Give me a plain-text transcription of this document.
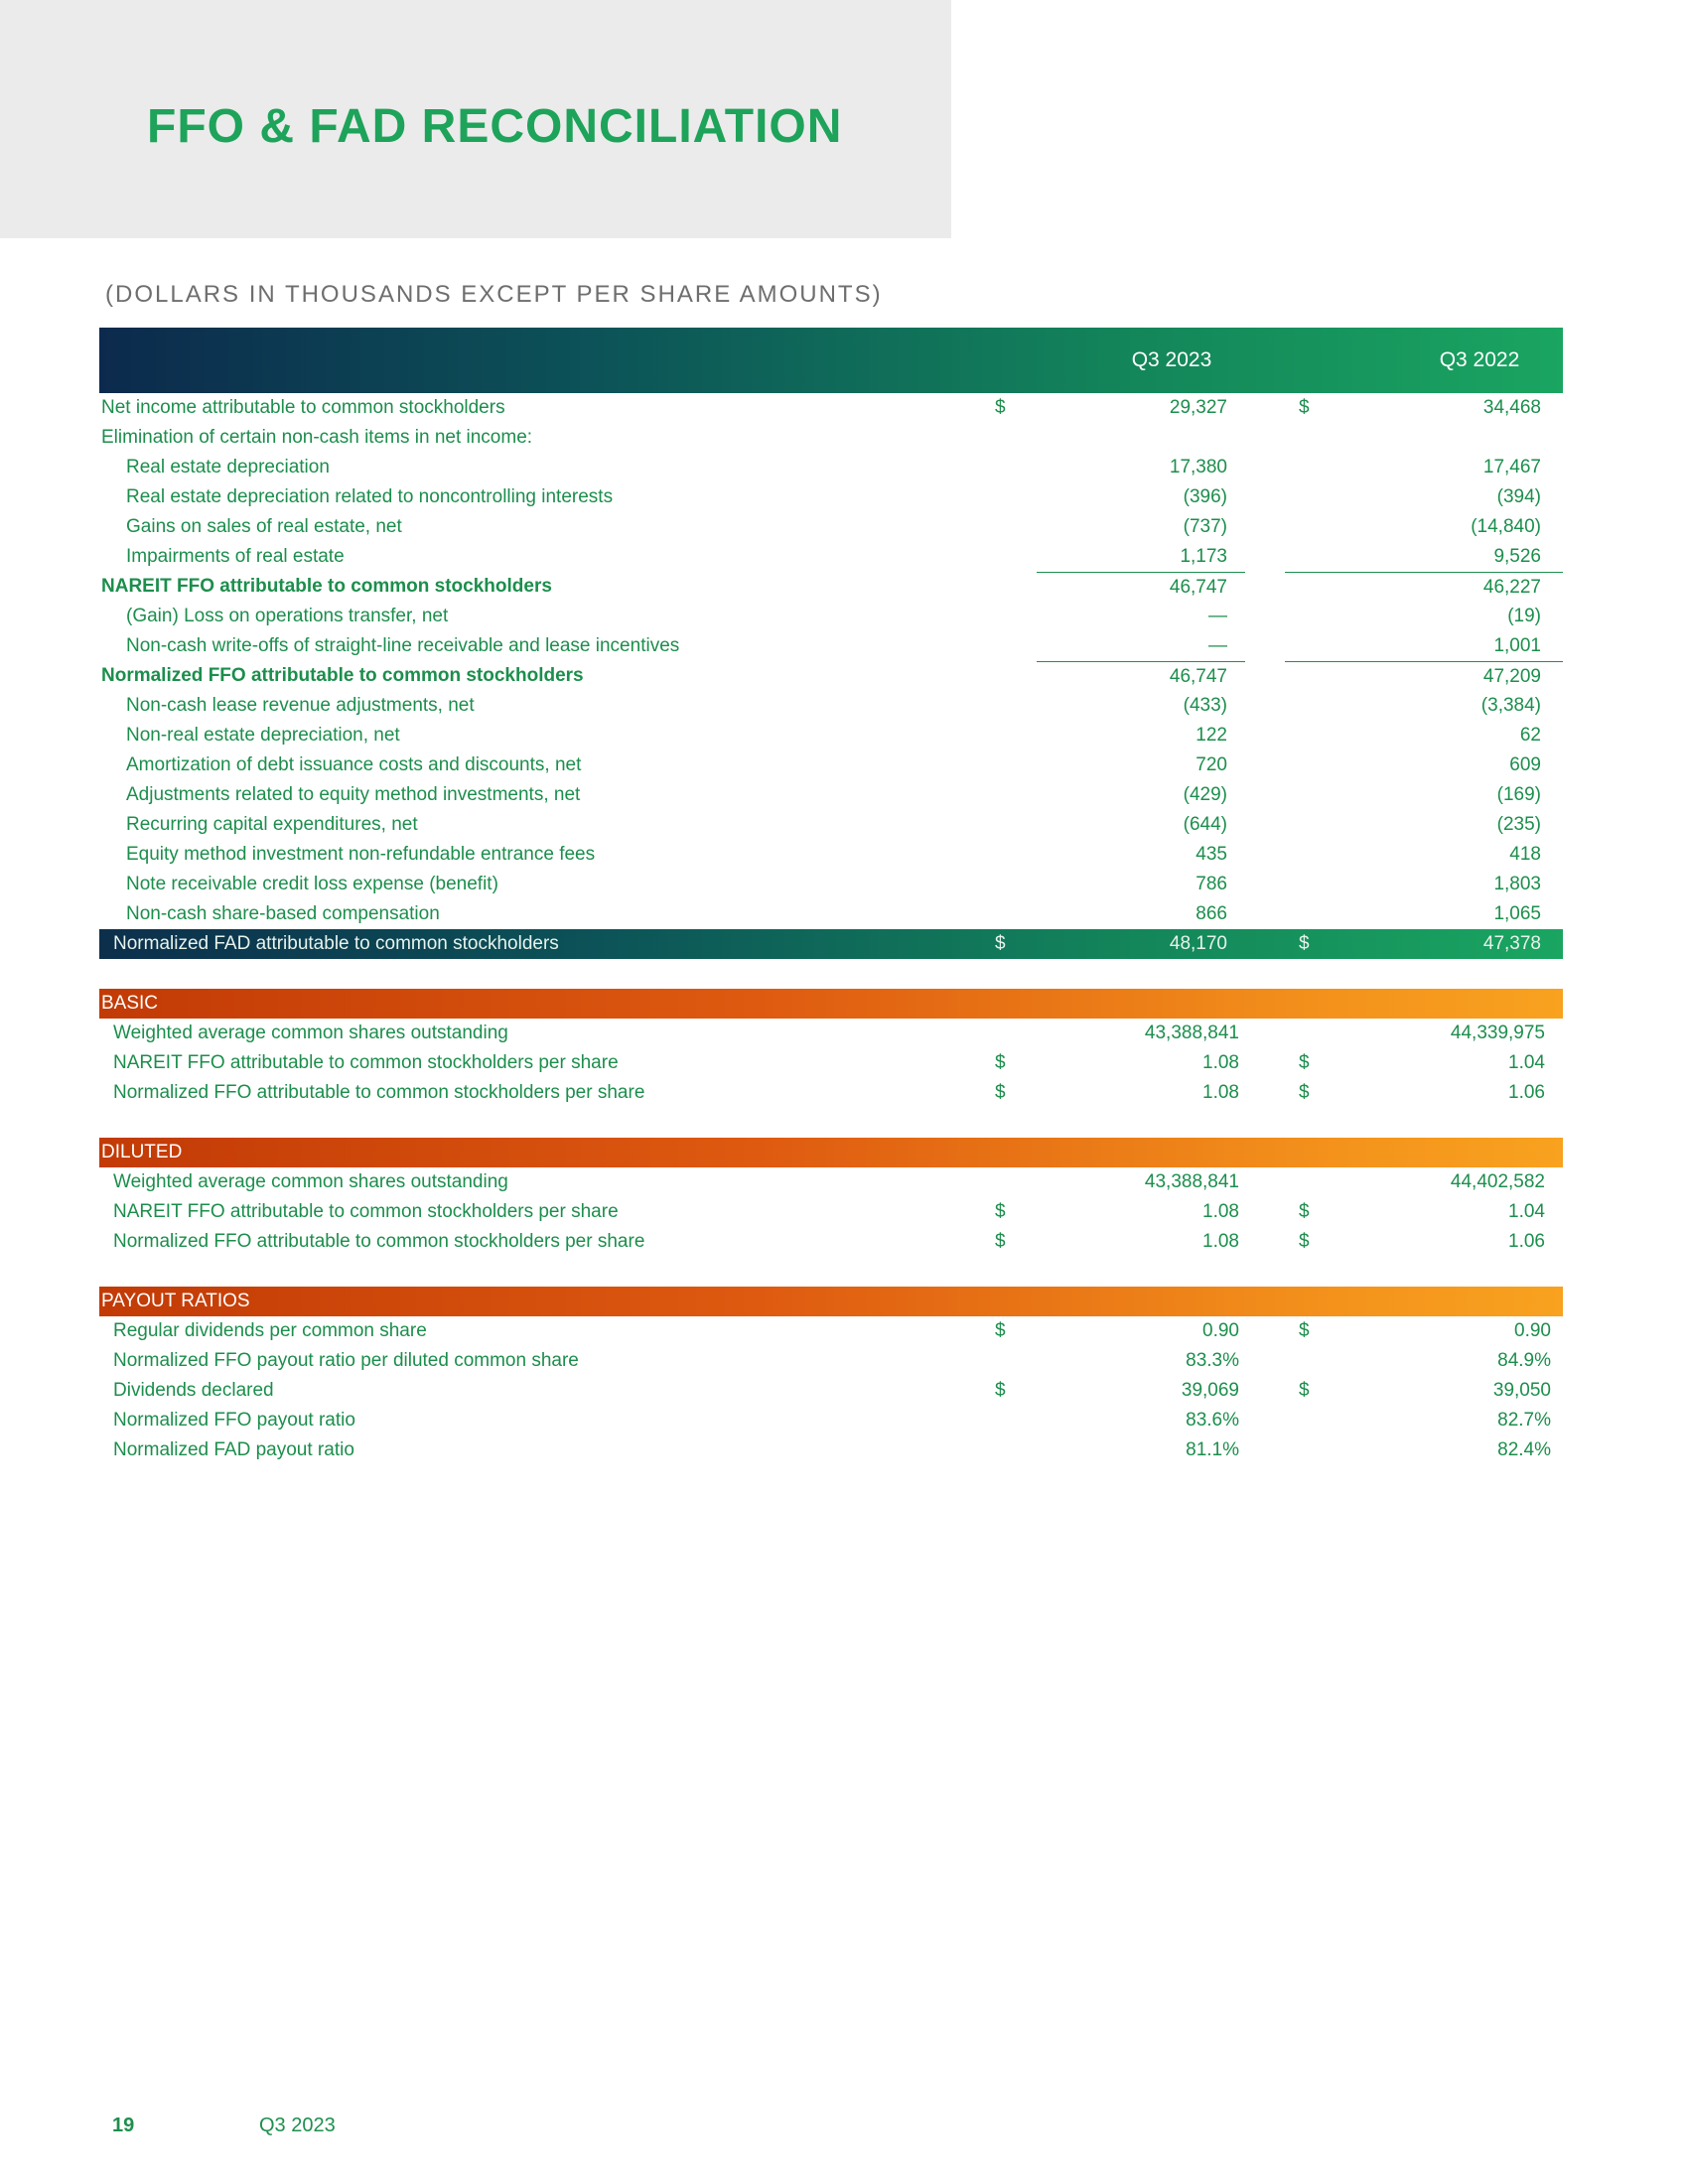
FFO & FAD RECONCILIATION
(DOLLARS IN THOUSANDS EXCEPT PER SHARE AMOUNTS)
Q3 2023	Q3 2022
Net income attributable to common stockholders	$	29,327	$	34,468
Elimination of certain non-cash items in net income:
Real estate depreciation	17,380	17,467
Real estate depreciation related to noncontrolling interests	(396)	(394)
Gains on sales of real estate, net	(737)	(14,840)
Impairments of real estate	1,173	9,526
NAREIT FFO attributable to common stockholders	46,747	46,227
(Gain) Loss on operations transfer, net	—	(19)
Non-cash write-offs of straight-line receivable and lease incentives	—	1,001
Normalized FFO attributable to common stockholders	46,747	47,209
Non-cash lease revenue adjustments, net	(433)	(3,384)
Non-real estate depreciation, net	122	62
Amortization of debt issuance costs and discounts, net	720	609
Adjustments related to equity method investments, net	(429)	(169)
Recurring capital expenditures, net	(644)	(235)
Equity method investment non-refundable entrance fees	435	418
Note receivable credit loss expense (benefit)	786	1,803
Non-cash share-based compensation	866	1,065
Normalized FAD attributable to common stockholders	$	48,170	$	47,378
BASIC
Weighted average common shares outstanding	43,388,841	44,339,975
NAREIT FFO attributable to common stockholders per share	$	1.08	$	1.04
Normalized FFO attributable to common stockholders per share	$	1.08	$	1.06
DILUTED
Weighted average common shares outstanding	43,388,841	44,402,582
NAREIT FFO attributable to common stockholders per share	$	1.08	$	1.04
Normalized FFO attributable to common stockholders per share	$	1.08	$	1.06
PAYOUT RATIOS
Regular dividends per common share	$	0.90	$	0.90
Normalized FFO payout ratio per diluted common share	83.3%	84.9%
Dividends declared	$	39,069	$	39,050
Normalized FFO payout ratio	83.6%	82.7%
Normalized FAD payout ratio	81.1%	82.4%
19	Q3 2023
